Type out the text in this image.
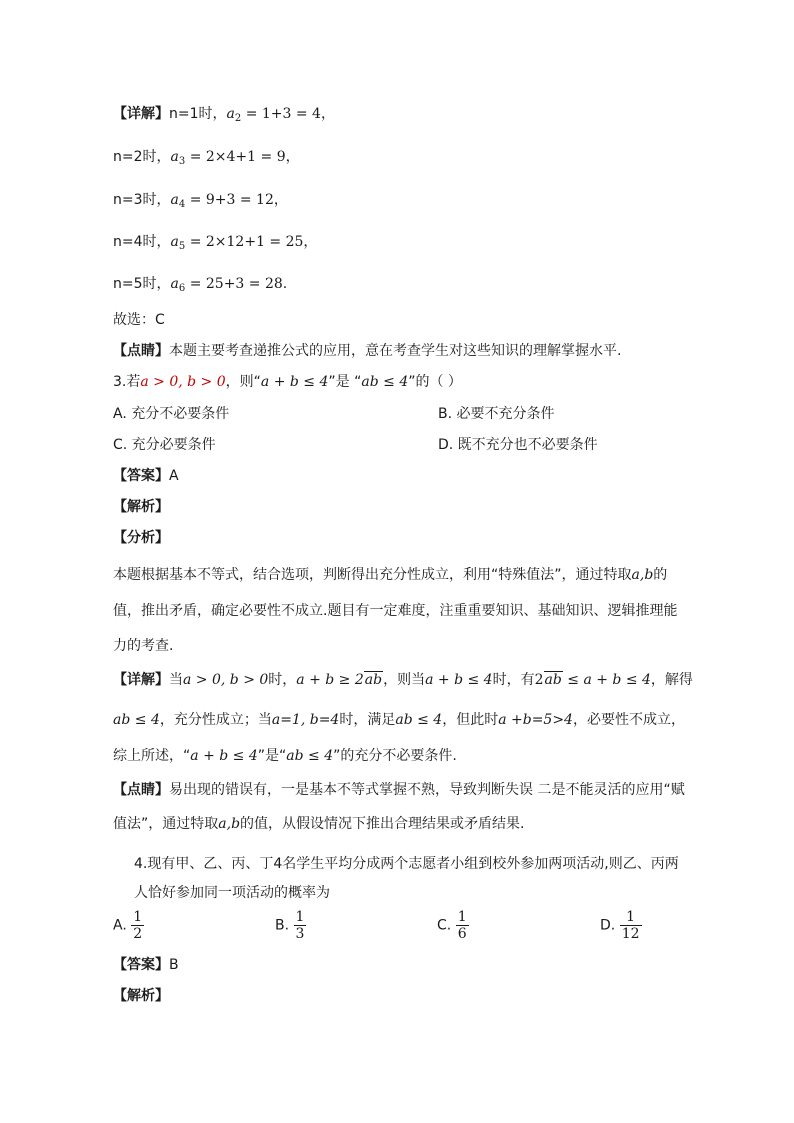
【详解】n=1时，$a_2 = 1+3 = 4$，
n=2时，$a_3 = 2\times 4+1 = 9$，
n=3时，$a_4 = 9+3 = 12$，
n=4时，$a_5 = 2\times 12+1 = 25$，
n=5时，$a_6 = 25+3 = 28$.
故选：C
【点睛】本题主要考查递推公式的应用，意在考查学生对这些知识的理解掌握水平.
3.若a > 0, b > 0，则“a + b ≤ 4”是 “ab ≤ 4”的（ ）
A. 充分不必要条件	B. 必要不充分条件
C. 充分必要条件	D. 既不充分也不必要条件
【答案】A
【解析】
【分析】
本题根据基本不等式，结合选项，判断得出充分性成立，利用“特殊值法”，通过特取a,b的
值，推出矛盾，确定必要性不成立.题目有一定难度，注重重要知识、基础知识、逻辑推理能
力的考查.
【详解】当a > 0, b > 0时，a + b ≥ 2ab，则当a + b ≤ 4时，有2ab ≤ a + b ≤ 4，解得
ab ≤ 4，充分性成立；当a=1, b=4时，满足ab ≤ 4，但此时a +b=5>4，必要性不成立，
综上所述，“a + b ≤ 4”是“ab ≤ 4”的充分不必要条件.
【点睛】易出现的错误有，一是基本不等式掌握不熟，导致判断失误 二是不能灵活的应用“赋
值法”，通过特取a,b的值，从假设情况下推出合理结果或矛盾结果.
4.现有甲、乙、丙、丁4名学生平均分成两个志愿者小组到校外参加两项活动,则乙、丙两
人恰好参加同一项活动的概率为
A. $\frac{1}{2}$	B. $\frac{1}{3}$	C. $\frac{1}{6}$	D. $\frac{1}{12}$
【答案】B
【解析】
